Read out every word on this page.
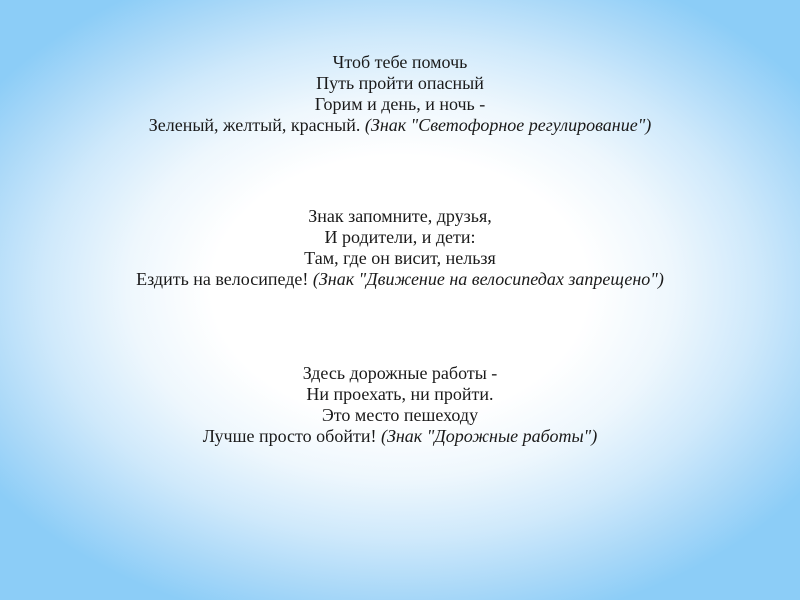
Чтоб тебе помочь
Путь пройти опасный
Горим и день, и ночь -
Зеленый, желтый, красный. (Знак "Светофорное регулирование")
Знак запомните, друзья,
И родители, и дети:
Там, где он висит, нельзя
Ездить на велосипеде! (Знак "Движение на велосипедах запрещено")
Здесь дорожные работы -
Ни проехать, ни пройти.
Это место пешеходу
Лучше просто обойти! (Знак "Дорожные работы")
